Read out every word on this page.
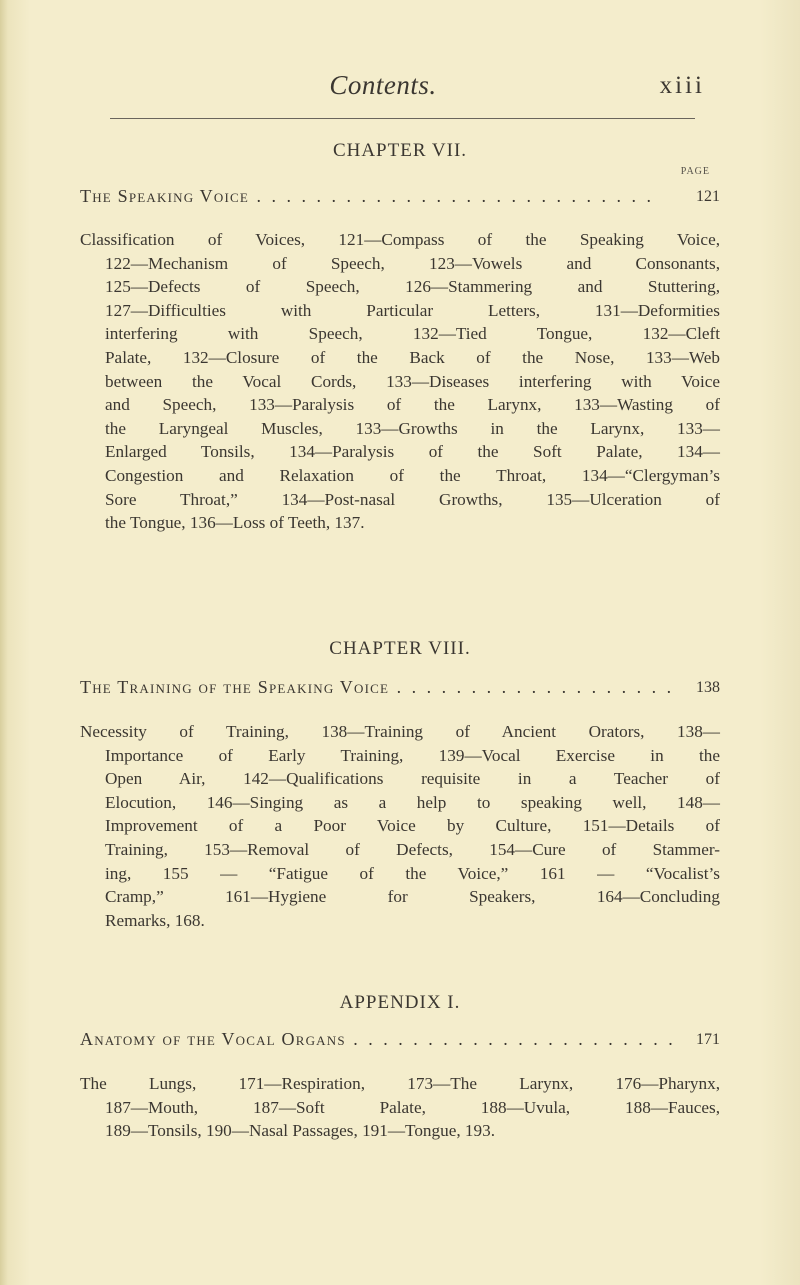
Contents.	xiii
CHAPTER VII.
PAGE
The Speaking Voice . . . . . . . . . . . . . . . . . . . . . . . . . . .	121
Classification of Voices, 121—Compass of the Speaking Voice,
122—Mechanism of Speech, 123—Vowels and Consonants,
125—Defects of Speech, 126—Stammering and Stuttering,
127—Difficulties with Particular Letters, 131—Deformities
interfering with Speech, 132—Tied Tongue, 132—Cleft
Palate, 132—Closure of the Back of the Nose, 133—Web
between the Vocal Cords, 133—Diseases interfering with Voice
and Speech, 133—Paralysis of the Larynx, 133—Wasting of
the Laryngeal Muscles, 133—Growths in the Larynx, 133—
Enlarged Tonsils, 134—Paralysis of the Soft Palate, 134—
Congestion and Relaxation of the Throat, 134—“Clergyman’s
Sore Throat,” 134—Post-nasal Growths, 135—Ulceration of
the Tongue, 136—Loss of Teeth, 137.
CHAPTER VIII.
The Training of the Speaking Voice . . . . . . . . . . . . . . . . . . .	138
Necessity of Training, 138—Training of Ancient Orators, 138—
Importance of Early Training, 139—Vocal Exercise in the
Open Air, 142—Qualifications requisite in a Teacher of
Elocution, 146—Singing as a help to speaking well, 148—
Improvement of a Poor Voice by Culture, 151—Details of
Training, 153—Removal of Defects, 154—Cure of Stammer-
ing, 155 — “Fatigue of the Voice,” 161 — “Vocalist’s
Cramp,” 161—Hygiene for Speakers, 164—Concluding
Remarks, 168.
APPENDIX I.
Anatomy of the Vocal Organs . . . . . . . . . . . . . . . . . . . . . .	171
The Lungs, 171—Respiration, 173—The Larynx, 176—Pharynx,
187—Mouth, 187—Soft Palate, 188—Uvula, 188—Fauces,
189—Tonsils, 190—Nasal Passages, 191—Tongue, 193.
